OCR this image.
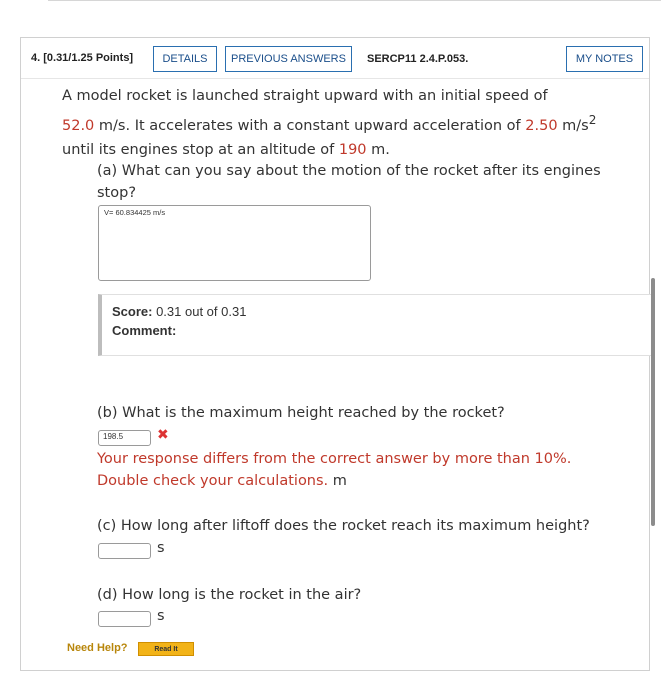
4. [0.31/1.25 Points]	DETAILS	PREVIOUS ANSWERS	SERCP11 2.4.P.053.	MY NOTES
A model rocket is launched straight upward with an initial speed of
52.0 m/s. It accelerates with a constant upward acceleration of 2.50 $m/s^2$
until its engines stop at an altitude of 190 m.
(a) What can you say about the motion of the rocket after its engines stop?
V= 60.834425 m/s
Score: 0.31 out of 0.31
Comment:
(b) What is the maximum height reached by the rocket?
198.5	✖
Your response differs from the correct answer by more than 10%. Double check your calculations. m
(c) How long after liftoff does the rocket reach its maximum height?
s
(d) How long is the rocket in the air?
s
Need Help?	Read It
